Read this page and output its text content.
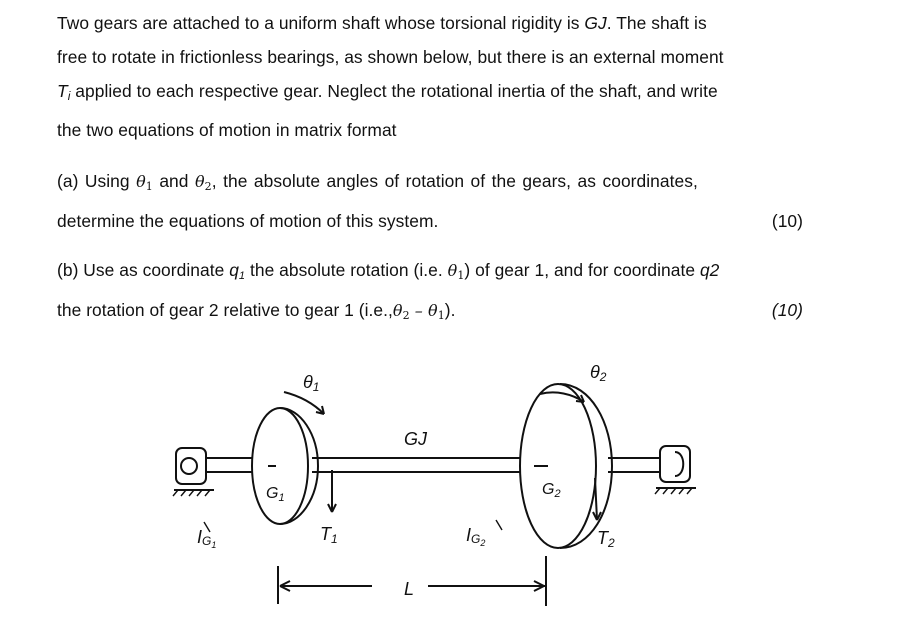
Two gears are attached to a uniform shaft whose torsional rigidity is GJ. The shaft is
free to rotate in frictionless bearings, as shown below, but there is an external moment
Ti applied to each respective gear. Neglect the rotational inertia of the shaft, and write
the two equations of motion in matrix format
(a) Using $\theta_1$ and $\theta_2$, the absolute angles of rotation of the gears, as coordinates,
determine the equations of motion of this system.	(10)
(b) Use as coordinate q1 the absolute rotation (i.e. $\theta_1$) of gear 1, and for coordinate q2
the rotation of gear 2 relative to gear 1 $(i.e.,\theta_2 - \theta_1)$.	(10)
θ1
θ2
GJ
G1	G2
IG1	IG2
T1	T2
L
